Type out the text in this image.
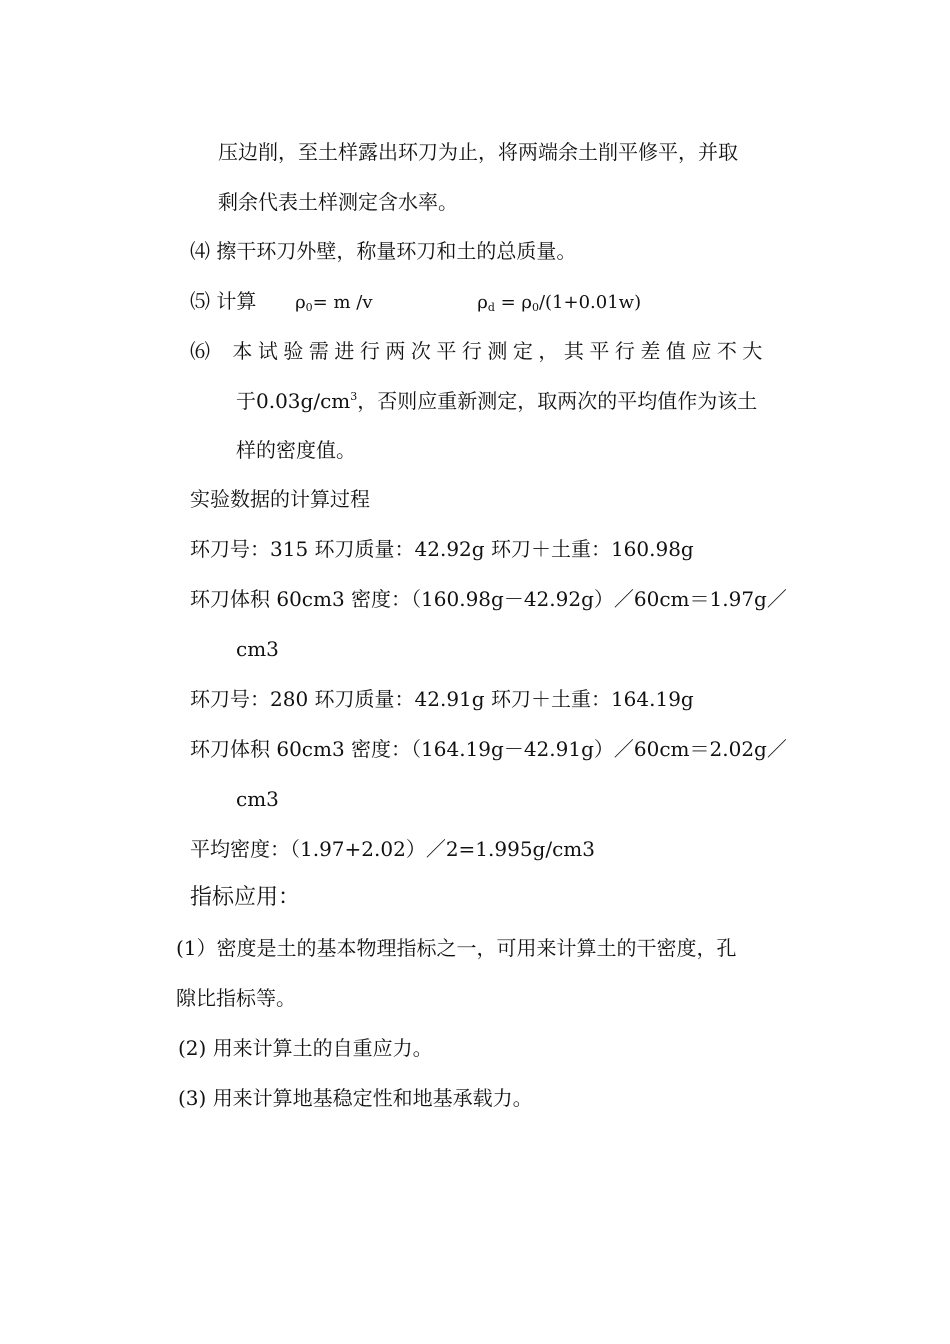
压边削，至土样露出环刀为止，将两端余土削平修平，并取
剩余代表土样测定含水率。
⑷ 擦干环刀外壁，称量环刀和土的总质量。
⑸ 计算 $\rho_0= m$ /v	$\rho_d = \rho_0/(1+0.01w)$
⑹ 本试验需进行两次平行测定，其平行差值应不大
于$0.03g/cm^3$，否则应重新测定，取两次的平均值作为该土
样的密度值。
实验数据的计算过程
环刀号：315 环刀质量：42.92g 环刀＋土重：160.98g
环刀体积 60cm3 密度：（160.98g－42.92g）／60cm＝1.97g／
cm3
环刀号：280 环刀质量：42.91g 环刀＋土重：164.19g
环刀体积 60cm3 密度：（164.19g－42.91g）／60cm＝2.02g／
cm3
平均密度：（1.97+2.02）／2=1.995g/cm3
指标应用：
(1）密度是土的基本物理指标之一，可用来计算土的干密度，孔
隙比指标等。
(2) 用来计算土的自重应力。
(3) 用来计算地基稳定性和地基承载力。
